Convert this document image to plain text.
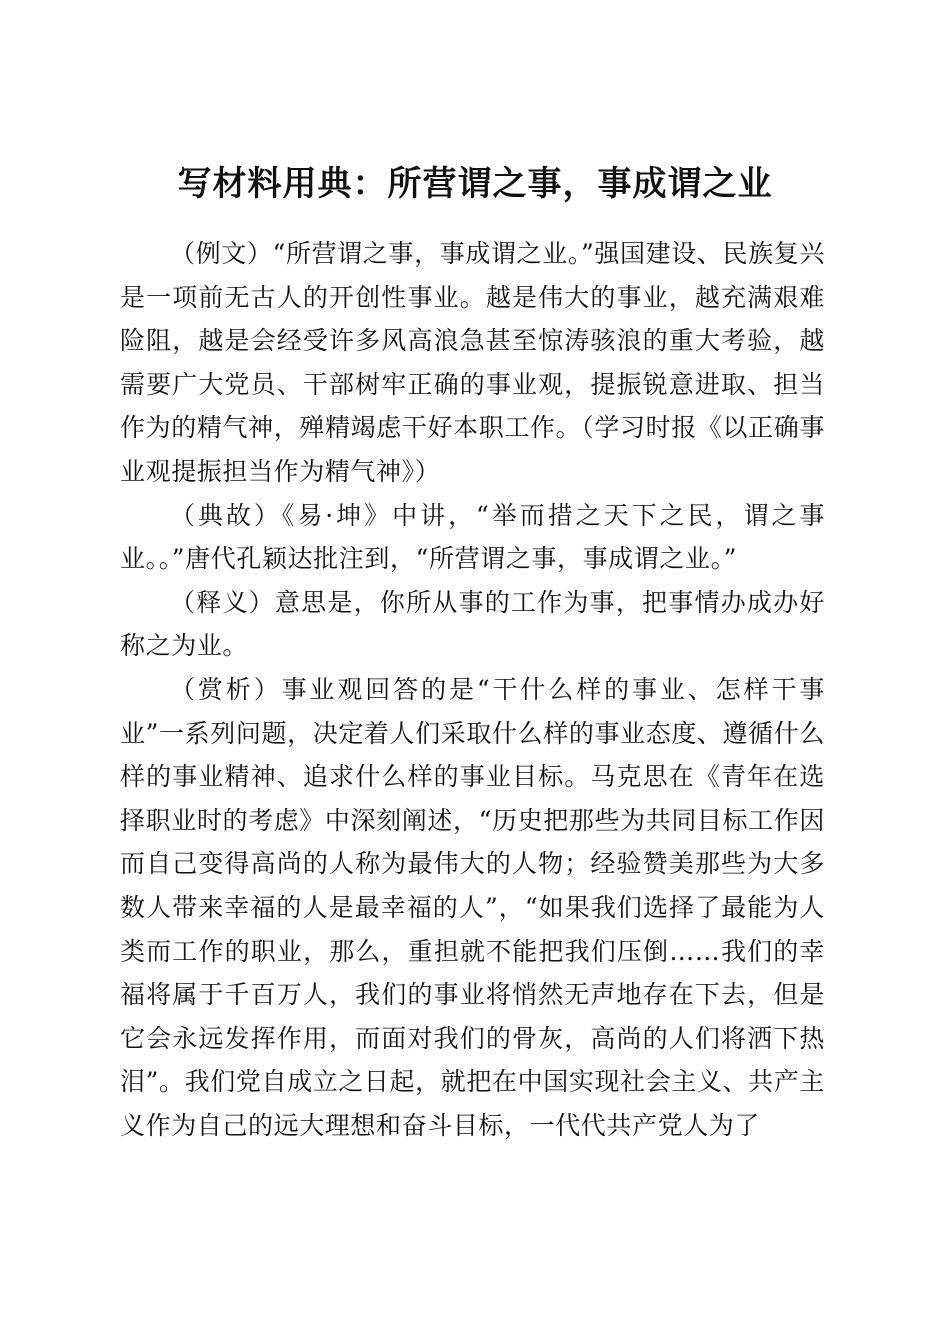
写材料用典：所营谓之事，事成谓之业

（例文）“所营谓之事，事成谓之业。”强国建设、民族复兴是一项前无古人的开创性事业。越是伟大的事业，越充满艰难险阻，越是会经受许多风高浪急甚至惊涛骇浪的重大考验，越需要广大党员、干部树牢正确的事业观，提振锐意进取、担当作为的精气神，殚精竭虑干好本职工作。（学习时报《以正确事业观提振担当作为精气神》）

（典故）《易·坤》中讲，“举而措之天下之民，谓之事业。。”唐代孔颖达批注到，“所营谓之事，事成谓之业。”

（释义）意思是，你所从事的工作为事，把事情办成办好称之为业。

（赏析）事业观回答的是“干什么样的事业、怎样干事业”一系列问题，决定着人们采取什么样的事业态度、遵循什么样的事业精神、追求什么样的事业目标。马克思在《青年在选择职业时的考虑》中深刻阐述，“历史把那些为共同目标工作因而自己变得高尚的人称为最伟大的人物；经验赞美那些为大多数人带来幸福的人是最幸福的人”，“如果我们选择了最能为人类而工作的职业，那么，重担就不能把我们压倒……我们的幸福将属于千百万人，我们的事业将悄然无声地存在下去，但是它会永远发挥作用，而面对我们的骨灰，高尚的人们将洒下热泪”。我们党自成立之日起，就把在中国实现社会主义、共产主义作为自己的远大理想和奋斗目标，一代代共产党人为了
